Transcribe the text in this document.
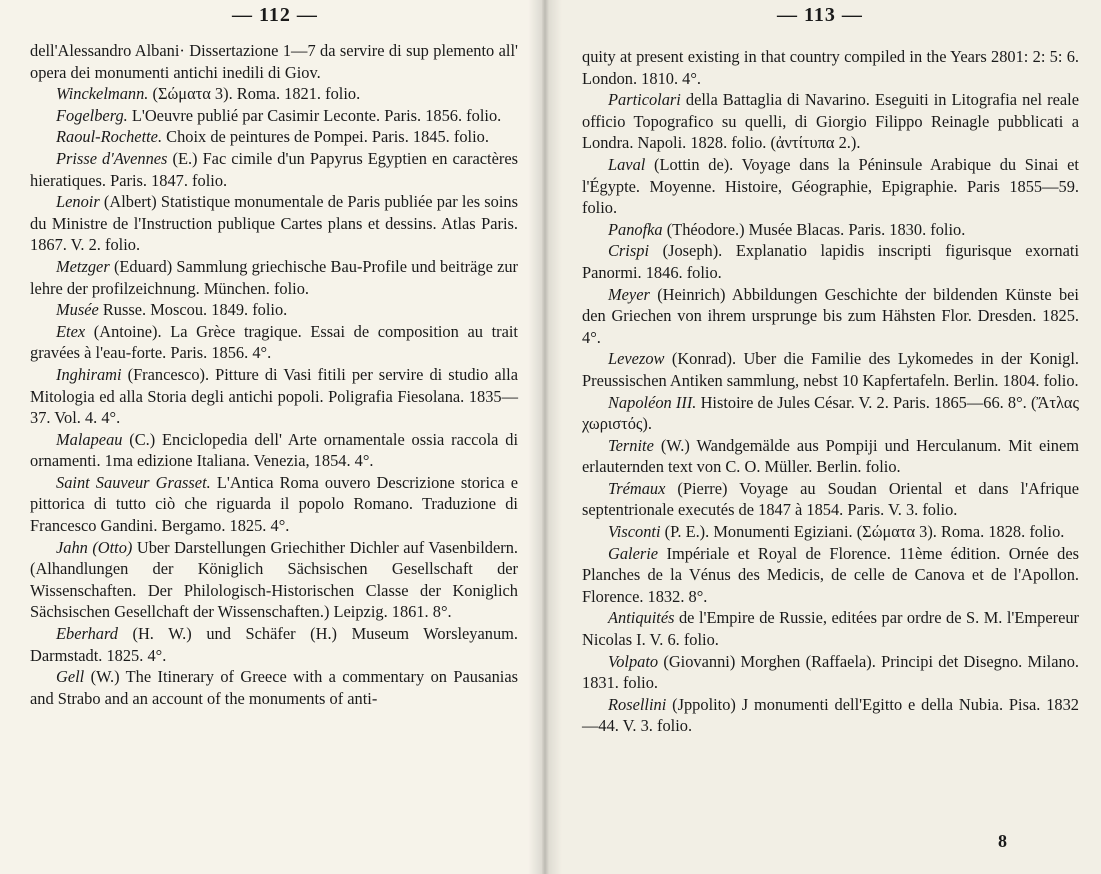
— 112 —

dell'Alessandro Albani· Dissertazione 1—7 da servire di sup plemento all' opera dei monumenti antichi inedili di Giov.

Winckelmann. (Σώματα 3). Roma. 1821. folio.

Fogelberg. L'Oeuvre publié par Casimir Leconte. Paris. 1856. folio.

Raoul-Rochette. Choix de peintures de Pompei. Paris. 1845. folio.

Prisse d'Avennes (E.) Fac cimile d'un Papyrus Egyptien en caractères hieratiques. Paris. 1847. folio.

Lenoir (Albert) Statistique monumentale de Paris publiée par les soins du Ministre de l'Instruction publique Cartes plans et dessins. Atlas Paris. 1867. V. 2. folio.

Metzger (Eduard) Sammlung griechische Bau-Profile und beiträge zur lehre der profilzeichnung. München. folio.

Musée Russe. Moscou. 1849. folio.

Etex (Antoine). La Grèce tragique. Essai de composition au trait gravées à l'eau-forte. Paris. 1856. 4°.

Inghirami (Francesco). Pitture di Vasi fitili per servire di studio alla Mitologia ed alla Storia degli antichi popoli. Poligrafia Fiesolana. 1835—37. Vol. 4. 4°.

Malapeau (C.) Enciclopedia dell' Arte ornamentale ossia raccola di ornamenti. 1ma edizione Italiana. Venezia, 1854. 4°.

Saint Sauveur Grasset. L'Antica Roma ouvero Descrizione storica e pittorica di tutto ciò che riguarda il popolo Romano. Traduzione di Francesco Gandini. Bergamo. 1825. 4°.

Jahn (Otto) Uber Darstellungen Griechither Dichler auf Vasenbildern. (Alhandlungen der Königlich Sächsischen Gesellschaft der Wissenschaften. Der Philologisch-Historischen Classe der Koniglich Sächsischen Gesellchaft der Wissenschaften.) Leipzig. 1861. 8°.

Eberhard (H. W.) und Schäfer (H.) Museum Worsleyanum. Darmstadt. 1825. 4°.

Gell (W.) The Itinerary of Greece with a commentary on Pausanias and Strabo and an account of the monuments of anti-

— 113 —

quity at present existing in that country compiled in the Years 2801: 2: 5: 6. London. 1810. 4°.

Particolari della Battaglia di Navarino. Eseguiti in Litografia nel reale officio Topografico su quelli, di Giorgio Filippo Reinagle pubblicati a Londra. Napoli. 1828. folio. (ἀντίτυπα 2.).

Laval (Lottin de). Voyage dans la Péninsule Arabique du Sinai et l'Égypte. Moyenne. Histoire, Géographie, Epigraphie. Paris 1855—59. folio.

Panofka (Théodore.) Musée Blacas. Paris. 1830. folio.

Crispi (Joseph). Explanatio lapidis inscripti figurisque exornati Panormi. 1846. folio.

Meyer (Heinrich) Abbildungen Geschichte der bildenden Künste bei den Griechen von ihrem ursprunge bis zum Hähsten Flor. Dresden. 1825. 4°.

Levezow (Konrad). Uber die Familie des Lykomedes in der Konigl. Preussischen Antiken sammlung, nebst 10 Kapfertafeln. Berlin. 1804. folio.

Napoléon III. Histoire de Jules César. V. 2. Paris. 1865—66. 8°. (Ἄτλας χωριστός).

Ternite (W.) Wandgemälde aus Pompiji und Herculanum. Mit einem erlauternden text von C. O. Müller. Berlin. folio.

Trémaux (Pierre) Voyage au Soudan Oriental et dans l'Afrique septentrionale executés de 1847 à 1854. Paris. V. 3. folio.

Visconti (P. E.). Monumenti Egiziani. (Σώματα 3). Roma. 1828. folio.

Galerie Impériale et Royal de Florence. 11ème édition. Ornée des Planches de la Vénus des Medicis, de celle de Canova et de l'Apollon. Florence. 1832. 8°.

Antiquités de l'Empire de Russie, editées par ordre de S. M. l'Empereur Nicolas I. V. 6. folio.

Volpato (Giovanni) Morghen (Raffaela). Principi det Disegno. Milano. 1831. folio.

Rosellini (Jppolito) J monumenti dell'Egitto e della Nubia. Pisa. 1832—44. V. 3. folio.

8
